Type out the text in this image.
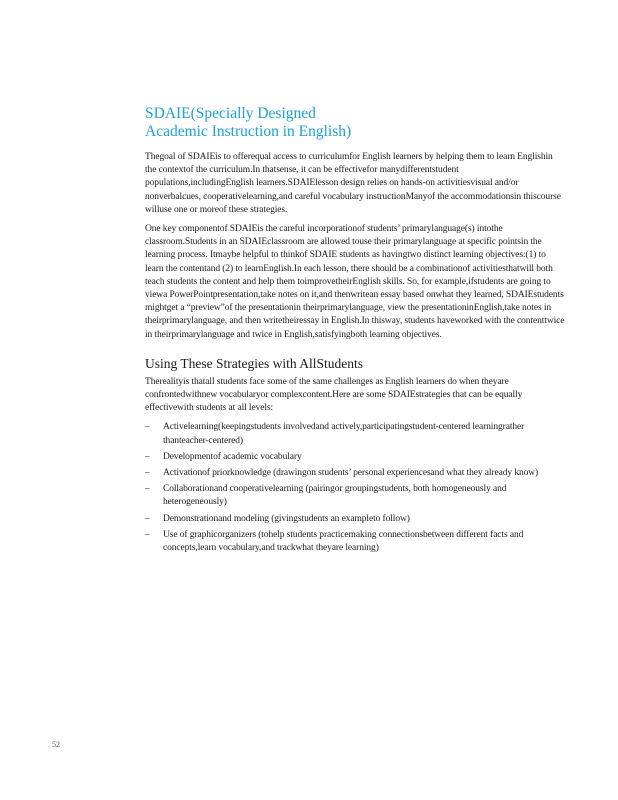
SDAIE(Specially Designed
Academic Instruction in English)

Thegoal of SDAIEis to offerequal access to curriculumfor English learners by helping them to learn Englishin the contextof the curriculum.In thatsense, it can be effectivefor manydifferentstudent populations,includingEnglish learners.SDAIElesson design relies on hands-on activitiesvisual and/or nonverbalcues, cooperativelearning,and careful vocabulary instructionManyof the accommodationsin thiscourse willuse one or moreof these strategies.

One key componentof SDAIEis the careful incorporationof students’ primarylanguage(s) intothe classroom.Students in an SDAIEclassroom are allowed touse their primarylanguage at specific pointsin the learning process. Itmaybe helpful to thinkof SDAIE students as havingtwo distinct learning objectives:(1) to learn the contentand (2) to learnEnglish.In each lesson, there should be a combinationof activitiesthatwill both teach students the content and help them toimprovetheirEnglish skills. So, for example,ifstudents are going to viewa PowerPointpresentation,take notes on it,and thenwritean essay based onwhat they learned, SDAIEstudents mightget a “preview”of the presentationin theirprimarylanguage, view the presentationinEnglish,take notes in theirprimarylanguage, and then writetheiressay in English.In thisway, students haveworked with the contenttwice in theirprimarylanguage and twice in English,satisfyingboth learning objectives.

Using These Strategies with AllStudents

Therealityis thatall students face some of the same challenges as English learners do when theyare confrontedwithnew vocabularyor complexcontent.Here are some SDAIEstrategies that can be equally effectivewith students at all levels:

– Activelearning(keepingstudents involvedand actively,participatingstudent-centered learningrather thanteacher-centered)
– Developmentof academic vocabulary
– Activationof priorknowledge (drawingon students’ personal experiencesand what they already know)
– Collaborationand cooperativelearning (pairingor groupingstudents, both homogeneously and heterogeneously)
– Demonstrationand modeling (givingstudents an exampleto follow)
– Use of graphicorganizers (tohelp students practicemaking connectionsbetween different facts and concepts,learn vocabulary,and trackwhat theyare learning)
52
